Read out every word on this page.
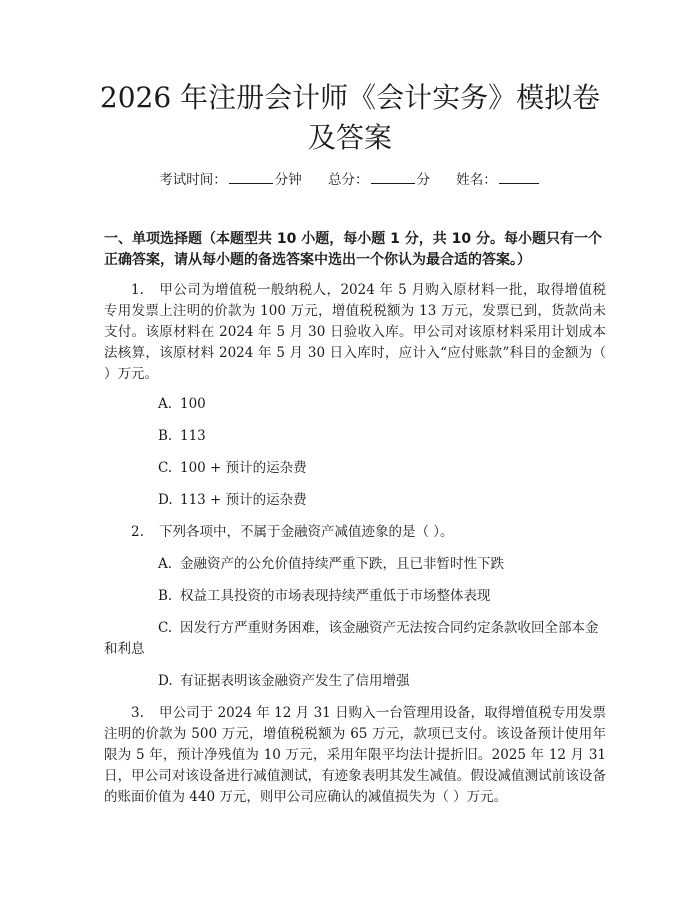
2026 年注册会计师《会计实务》模拟卷及答案
考试时间：	分钟 总分：	分 姓名：
一、单项选择题（本题型共 10 小题，每小题 1 分，共 10 分。每小题只有一个正确答案，请从每小题的备选答案中选出一个你认为最合适的答案。）

1. 甲公司为增值税一般纳税人，2024 年 5 月购入原材料一批，取得增值税专用发票上注明的价款为 100 万元，增值税税额为 13 万元，发票已到，货款尚未支付。该原材料在 2024 年 5 月 30 日验收入库。甲公司对该原材料采用计划成本法核算，该原材料 2024 年 5 月 30 日入库时，应计入“应付账款”科目的金额为（ ）万元。

A. 100

B. 113

C. 100 + 预计的运杂费

D. 113 + 预计的运杂费

2. 下列各项中，不属于金融资产减值迹象的是（ ）。

A. 金融资产的公允价值持续严重下跌，且已非暂时性下跌

B. 权益工具投资的市场表现持续严重低于市场整体表现

C. 因发行方严重财务困难，该金融资产无法按合同约定条款收回全部本金和利息

D. 有证据表明该金融资产发生了信用增强

3. 甲公司于 2024 年 12 月 31 日购入一台管理用设备，取得增值税专用发票注明的价款为 500 万元，增值税税额为 65 万元，款项已支付。该设备预计使用年限为 5 年，预计净残值为 10 万元，采用年限平均法计提折旧。2025 年 12 月 31 日，甲公司对该设备进行减值测试，有迹象表明其发生减值。假设减值测试前该设备的账面价值为 440 万元，则甲公司应确认的减值损失为（ ）万元。
